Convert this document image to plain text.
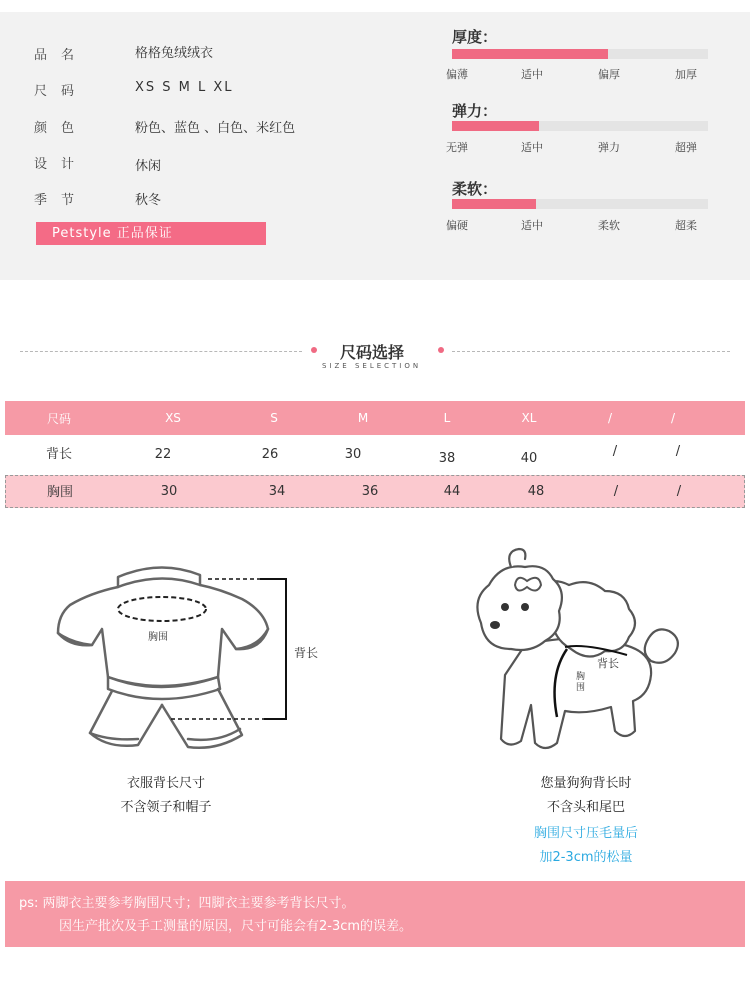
品名	格格兔绒绒衣
尺码	XS S M L XL
颜色	粉色、蓝色 、白色、米红色
设计	休闲
季节	秋冬
Petstyle 正品保证
厚度：
偏薄	适中	偏厚	加厚
弹力：
无弹	适中	弹力	超弹
柔软：
偏硬	适中	柔软	超柔
尺码选择
SIZE SELECTION
尺码	XS	S	M	L	XL	/	/
背长	22	26	30	38	40	/	/
胸围	30	34	36	44	48	/	/
胸围
背长
背长
胸围
衣服背长尺寸
不含领子和帽子
您量狗狗背长时
不含头和尾巴
胸围尺寸压毛量后
加2-3cm的松量
ps: 两脚衣主要参考胸围尺寸；四脚衣主要参考背长尺寸。
因生产批次及手工测量的原因，尺寸可能会有2-3cm的误差。
